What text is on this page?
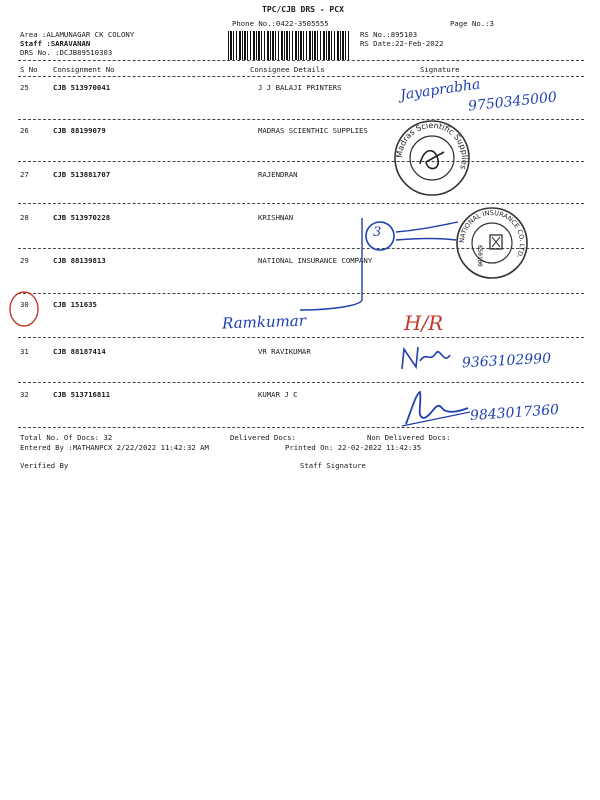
TPC/CJB DRS - PCX
Phone No.:0422-3505555	Page No.:3
Area :ALAMUNAGAR CK COLONY
Staff :SARAVANAN
DRS No. :DCJB89510303
RS No.:895103
RS Date:22-Feb-2022
S No Consignment No	Consignee Details	Signature
25	CJB 513970041	J J BALAJI PRINTERS
26	CJB 88199079	MADRAS SCIENTHIC SUPPLIES
27	CJB 513881707	RAJENDRAN
28	CJB 513970228	KRISHNAN
29	CJB 88139813	NATIONAL INSURANCE COMPANY
30	CJB 151635
31	CJB 88187414	VR RAVIKUMAR
32	CJB 513716811	KUMAR J C
Total No. Of Docs: 32	Delivered Docs:	Non Delivered Docs:
Entered By :MATHANPCX 2/22/2022 11:42:32 AM	Printed On: 22-02-2022 11:42:35
Verified By	Staff Signature
Madras Scientific Supplies
NATIONAL INSURANCE CO. LTD.
650100
Jayaprabha
9750345000
3
9363102990
9843017360
Ramkumar	H/R
